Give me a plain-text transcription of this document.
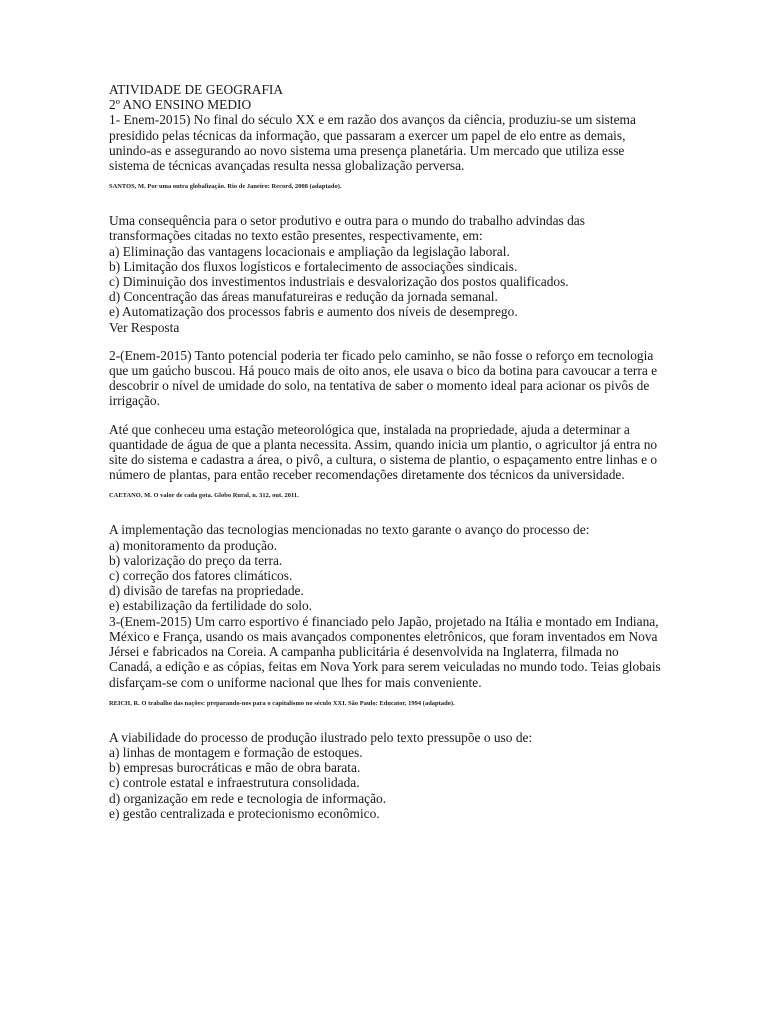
ATIVIDADE DE GEOGRAFIA

2º ANO ENSINO MEDIO

1- Enem-2015) No final do século XX e em razão dos avanços da ciência, produziu-se um sistema presidido pelas técnicas da informação, que passaram a exercer um papel de elo entre as demais, unindo-as e assegurando ao novo sistema uma presença planetária. Um mercado que utiliza esse sistema de técnicas avançadas resulta nessa globalização perversa.

SANTOS, M. Por uma outra globalização. Rio de Janeiro: Record, 2008 (adaptado).

Uma consequência para o setor produtivo e outra para o mundo do trabalho advindas das transformações citadas no texto estão presentes, respectivamente, em:

a) Eliminação das vantagens locacionais e ampliação da legislação laboral.

b) Limitação dos fluxos logísticos e fortalecimento de associações sindicais.

c) Diminuição dos investimentos industriais e desvalorização dos postos qualificados.

d) Concentração das áreas manufatureiras e redução da jornada semanal.

e) Automatização dos processos fabris e aumento dos níveis de desemprego.

Ver Resposta

2-(Enem-2015) Tanto potencial poderia ter ficado pelo caminho, se não fosse o reforço em tecnologia que um gaúcho buscou. Há pouco mais de oito anos, ele usava o bico da botina para cavoucar a terra e descobrir o nível de umidade do solo, na tentativa de saber o momento ideal para acionar os pivôs de irrigação.

Até que conheceu uma estação meteorológica que, instalada na propriedade, ajuda a determinar a quantidade de água de que a planta necessita. Assim, quando inicia um plantio, o agricultor já entra no site do sistema e cadastra a área, o pivô, a cultura, o sistema de plantio, o espaçamento entre linhas e o número de plantas, para então receber recomendações diretamente dos técnicos da universidade.

CAETANO, M. O valor de cada gota. Globo Rural, n. 312, out. 2011.

A implementação das tecnologias mencionadas no texto garante o avanço do processo de:

a) monitoramento da produção.

b) valorização do preço da terra.

c) correção dos fatores climáticos.

d) divisão de tarefas na propriedade.

e) estabilização da fertilidade do solo.

3-(Enem-2015) Um carro esportivo é financiado pelo Japão, projetado na Itália e montado em Indiana, México e França, usando os mais avançados componentes eletrônicos, que foram inventados em Nova Jérsei e fabricados na Coreia. A campanha publicitária é desenvolvida na Inglaterra, filmada no Canadá, a edição e as cópias, feitas em Nova York para serem veiculadas no mundo todo. Teias globais disfarçam-se com o uniforme nacional que lhes for mais conveniente.

REICH, R. O trabalho das nações: preparando-nos para o capitalismo no século XXI. São Paulo: Educator, 1994 (adaptado).

A viabilidade do processo de produção ilustrado pelo texto pressupõe o uso de:

a) linhas de montagem e formação de estoques.

b) empresas burocráticas e mão de obra barata.

c) controle estatal e infraestrutura consolidada.

d) organização em rede e tecnologia de informação.

e) gestão centralizada e protecionismo econômico.
